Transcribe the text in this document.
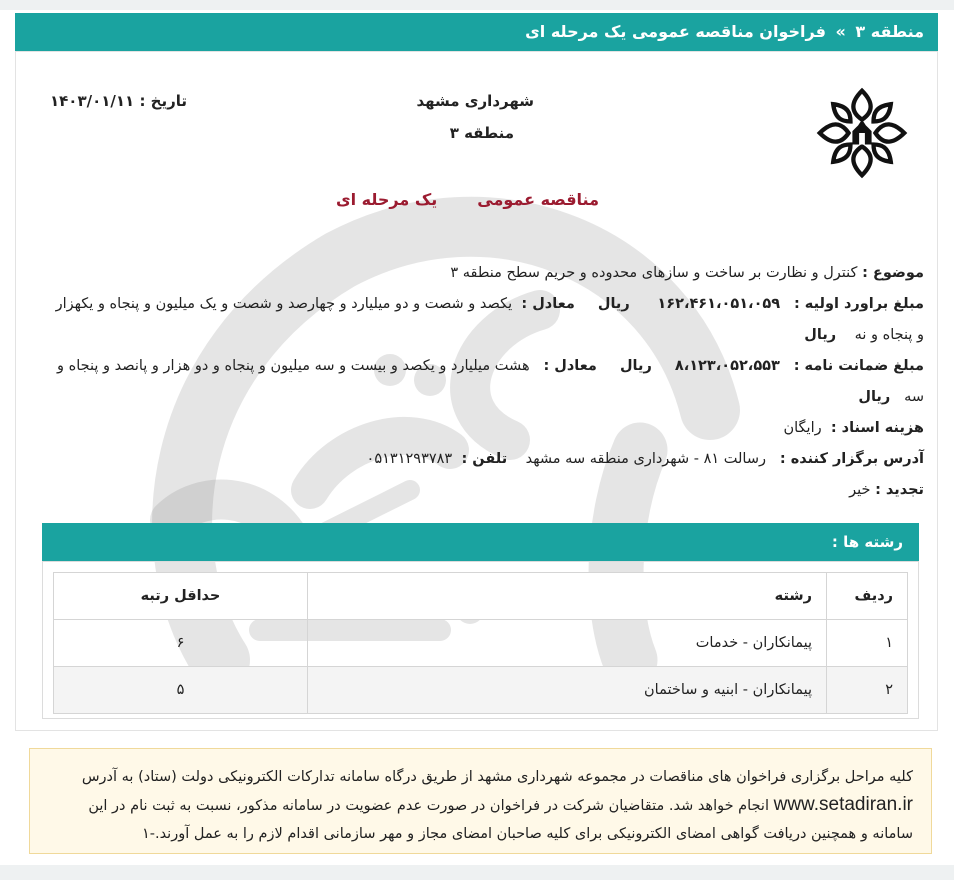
منطقه ۳ » فراخوان مناقصه عمومی یک مرحله ای
شهرداری مشهد
منطقه ۳
تاریخ : ۱۴۰۳/۰۱/۱۱
مناقصه عمومییک مرحله ای
موضوع : کنترل و نظارت بر ساخت و سازهای محدوده و حریم سطح منطقه ۳
مبلغ براورد اولیه :   ۱۶۲،۴۶۱،۰۵۱،۰۵۹      ریال     معادل :  یکصد و شصت و دو میلیارد و چهارصد و شصت و یک میلیون و پنجاه و یکهزار و پنجاه و نه    ریال
مبلغ ضمانت نامه :   ۸،۱۲۳،۰۵۲،۵۵۳     ریال     معادل :   هشت میلیارد و یکصد و بیست و سه میلیون و پنجاه و دو هزار و پانصد و پنجاه و سه   ریال
هزینه اسناد :  رایگان
آدرس برگزار کننده :   رسالت ۸۱ - شهرداری منطقه سه مشهد    تلفن :  ۰۵۱۳۱۲۹۳۷۸۳
تجدید : خیر
رشته ها :
ردیف	رشته	حداقل رتبه
۱	پیمانکاران - خدمات	۶
۲	پیمانکاران - ابنیه و ساختمان	۵
کلیه مراحل برگزاری فراخوان های مناقصات در مجموعه شهرداری مشهد از طریق درگاه سامانه تدارکات الکترونیکی دولت (ستاد) به آدرس www.setadiran.ir انجام خواهد شد. متقاضیان شرکت در فراخوان در صورت عدم عضویت در سامانه مذکور، نسبت به ثبت نام در این سامانه و همچنین دریافت گواهی امضای الکترونیکی برای کلیه صاحبان امضای مجاز و مهر سازمانی اقدام لازم را به عمل آورند.-۱
